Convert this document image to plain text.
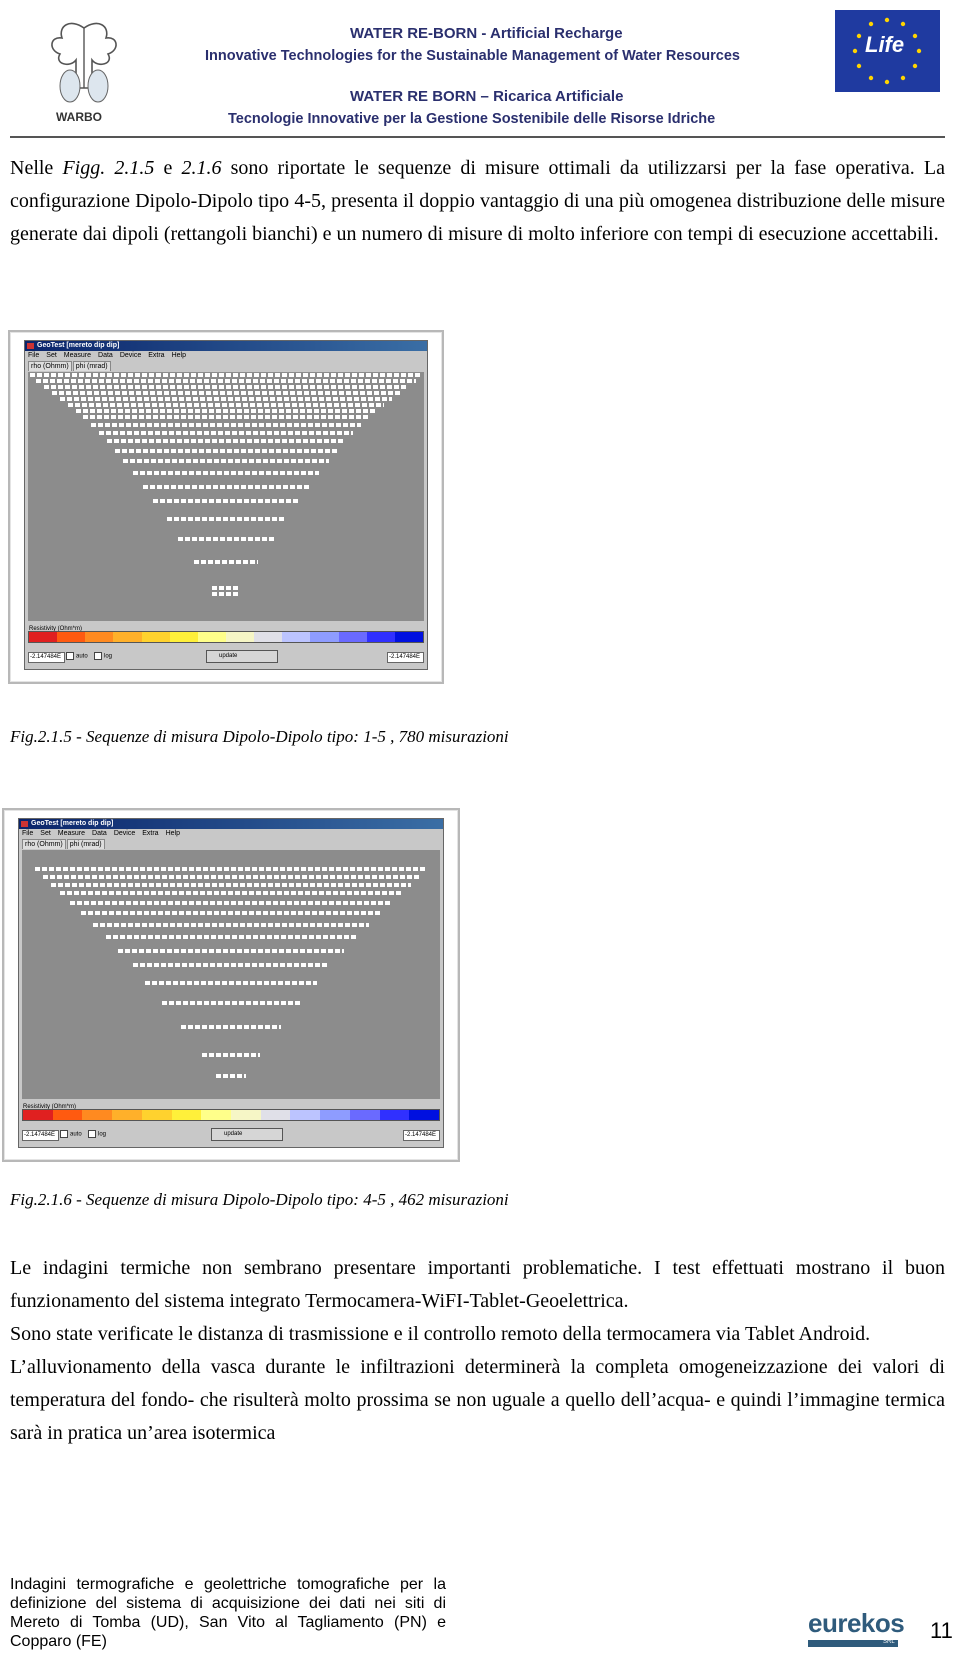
WARBO
WATER RE-BORN - Artificial Recharge
Innovative Technologies for the Sustainable Management of Water Resources
WATER RE BORN – Ricarica Artificiale
Tecnologie Innovative per la Gestione Sostenibile delle Risorse Idriche
Life
Nelle Figg. 2.1.5 e 2.1.6 sono riportate le sequenze di misure ottimali da utilizzarsi per la fase operativa. La configurazione Dipolo-Dipolo tipo 4-5, presenta il doppio vantaggio di una più omogenea distribuzione delle misure generate dai dipoli (rettangoli bianchi) e un numero di misure di molto inferiore con tempi di esecuzione accettabili.
GeoTest [mereto dip dip]
File Set Measure Data Device Extra Help
rho (Ohmm) phi (mrad)
Resistivity (Ohm*m)
-2.147484E	auto	log	update	-2.147484E
Fig.2.1.5 - Sequenze di misura Dipolo-Dipolo tipo: 1-5 , 780 misurazioni
GeoTest [mereto dip dip]
File Set Measure Data Device Extra Help
rho (Ohmm) phi (mrad)
Resistivity (Ohm*m)
-2.147484E	auto	log	update	-2.147484E
Fig.2.1.6 - Sequenze di misura Dipolo-Dipolo tipo: 4-5 , 462 misurazioni
Le indagini termiche non sembrano presentare importanti problematiche. I test effettuati mostrano il buon funzionamento del sistema integrato Termocamera-WiFI-Tablet-Geoelettrica.
Sono state verificate le distanza di trasmissione e il controllo remoto della termocamera via Tablet Android.
L’alluvionamento della vasca durante le infiltrazioni determinerà la completa omogeneizzazione dei valori di temperatura del fondo- che risulterà molto prossima se non uguale a quello dell’acqua- e quindi l’immagine termica sarà in pratica un’area isotermica
Indagini termografiche e geolettriche tomografiche per la definizione del sistema di acquisizione dei dati nei siti di Mereto di Tomba (UD), San Vito al Tagliamento (PN) e Copparo (FE)
eurekos
SRL 11
